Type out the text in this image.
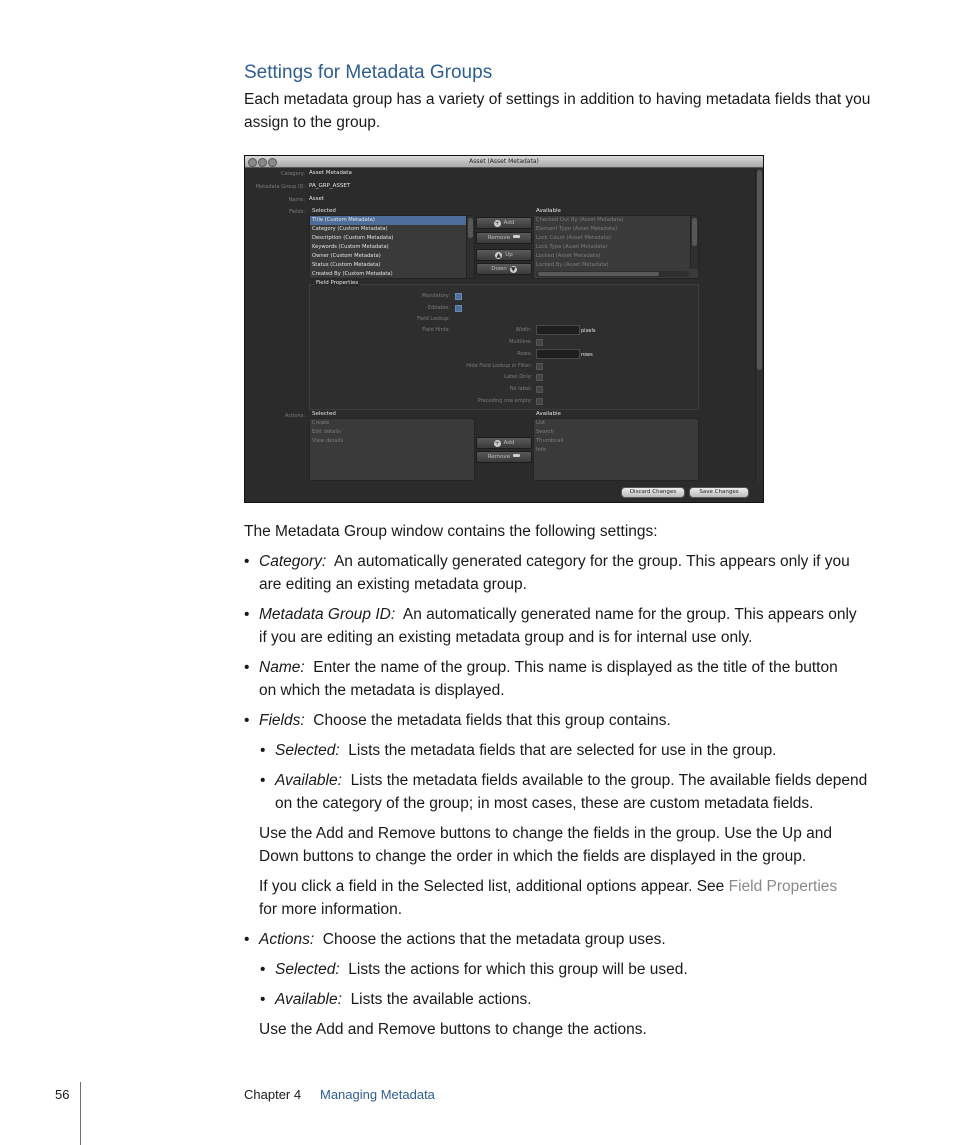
Settings for Metadata Groups

Each metadata group has a variety of settings in addition to having metadata fields that you assign to the group.

Asset (Asset Metadata)
Category: Asset Metadata
Metadata Group ID: PA_GRP_ASSET
Name: Asset
Fields: Selected
Title (Custom Metadata)
Category (Custom Metadata)
Description (Custom Metadata)
Keywords (Custom Metadata)
Owner (Custom Metadata)
Status (Custom Metadata)
Created By (Custom Metadata)
+ Add
Remove
▲ Up
Down ▼
Available
Checked Out By (Asset Metadata)
Element Type (Asset Metadata)
Lock Count (Asset Metadata)
Lock Type (Asset Metadata)
Locked (Asset Metadata)
Locked By (Asset Metadata)
Field Properties
Mandatory:
Editable:
Field Lookup:
Field Hints:	Width:	pixels
Multiline:
Rows:	rows
Hide Field Lookup in Filter:
Label Only:
No label:
Preceding row empty:
Actions: Selected
Create
Edit details
View details	+ Add
Remove
Available
List
Search
Thumbnail
Info
Discard Changes	Save Changes

The Metadata Group window contains the following settings:

• Category: An automatically generated category for the group. This appears only if you
are editing an existing metadata group.
• Metadata Group ID: An automatically generated name for the group. This appears only
if you are editing an existing metadata group and is for internal use only.
• Name: Enter the name of the group. This name is displayed as the title of the button
on which the metadata is displayed.
• Fields: Choose the metadata fields that this group contains.
• Selected: Lists the metadata fields that are selected for use in the group.
• Available: Lists the metadata fields available to the group. The available fields depend
on the category of the group; in most cases, these are custom metadata fields.
Use the Add and Remove buttons to change the fields in the group. Use the Up and
Down buttons to change the order in which the fields are displayed in the group.
If you click a field in the Selected list, additional options appear. See Field Properties
for more information.
• Actions: Choose the actions that the metadata group uses.
• Selected: Lists the actions for which this group will be used.
• Available: Lists the available actions.
Use the Add and Remove buttons to change the actions.
56	Chapter 4 Managing Metadata
